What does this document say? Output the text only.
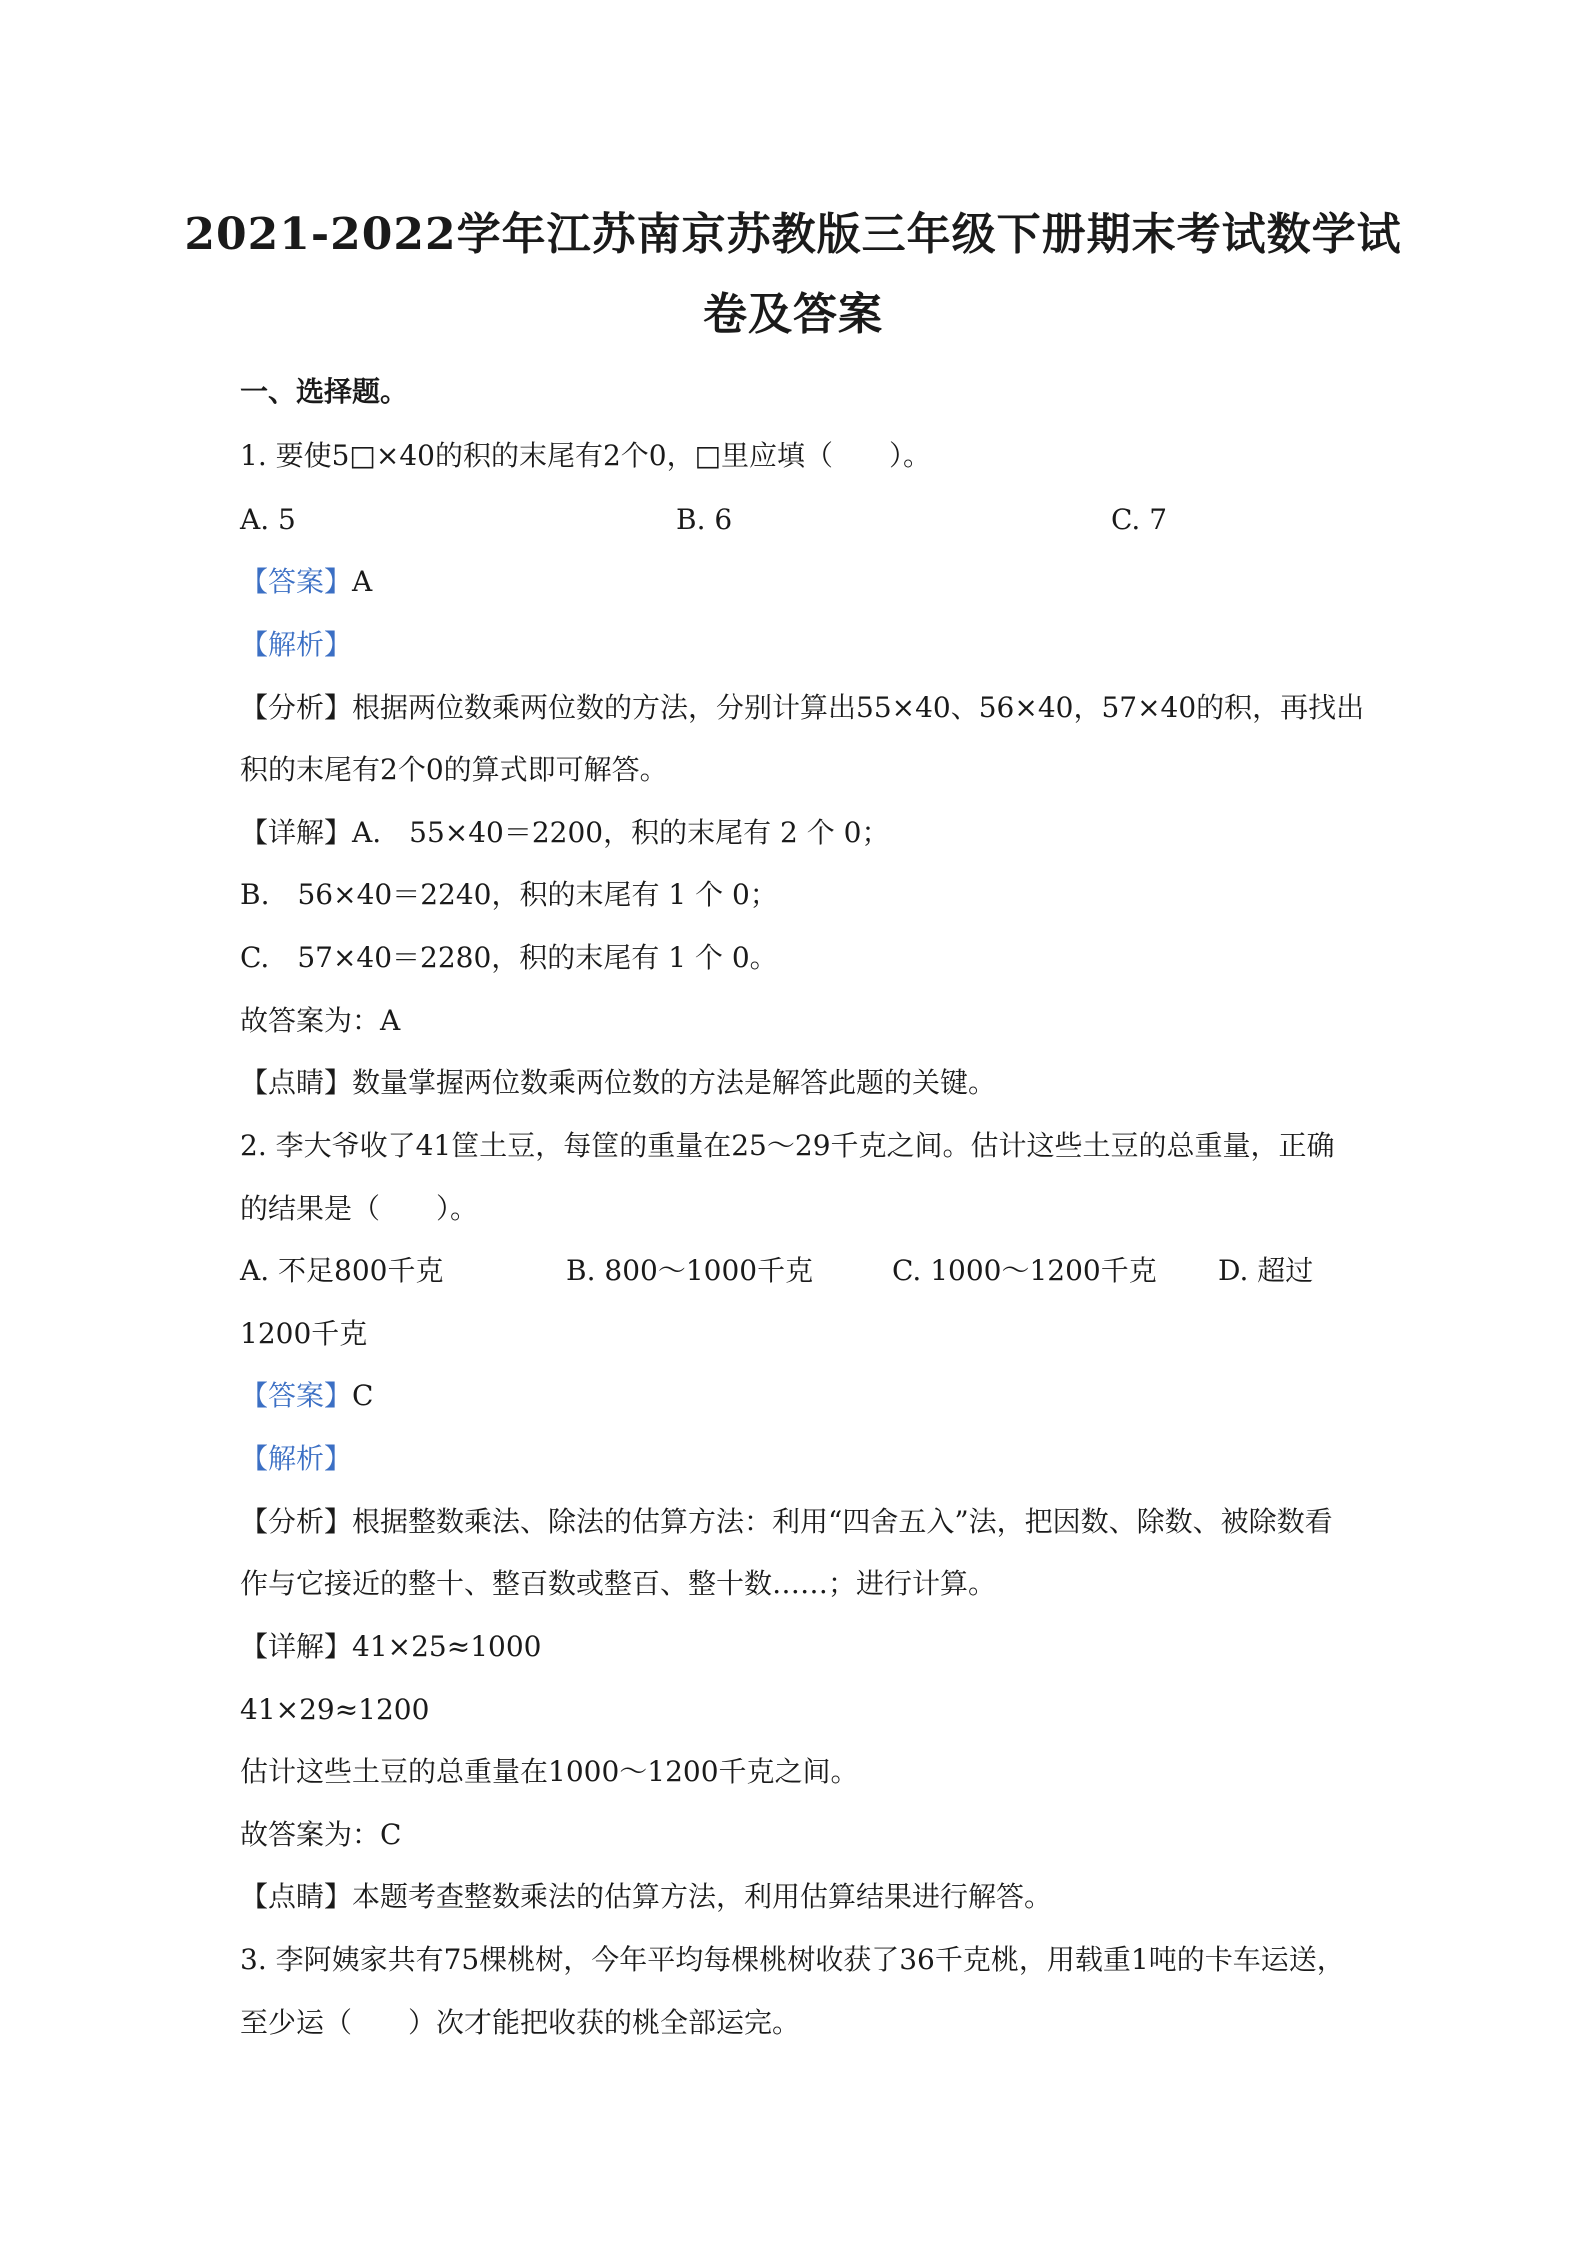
2021-2022学年江苏南京苏教版三年级下册期末考试数学试
卷及答案
一、选择题。
1. 要使5□×40的积的末尾有2个0，□里应填（　　）。
A. 5	B. 6	C. 7
【答案】A
【解析】
【分析】根据两位数乘两位数的方法，分别计算出55×40、56×40，57×40的积，再找出
积的末尾有2个0的算式即可解答。
【详解】A.　55×40＝2200，积的末尾有 2 个 0；
B.　56×40＝2240，积的末尾有 1 个 0；
C.　57×40＝2280，积的末尾有 1 个 0。
故答案为：A
【点睛】数量掌握两位数乘两位数的方法是解答此题的关键。
2. 李大爷收了41筐土豆，每筐的重量在25～29千克之间。估计这些土豆的总重量，正确
的结果是（　　）。
A. 不足800千克	B. 800～1000千克	C. 1000～1200千克 D. 超过
1200千克
【答案】C
【解析】
【分析】根据整数乘法、除法的估算方法：利用“四舍五入”法，把因数、除数、被除数看
作与它接近的整十、整百数或整百、整十数……；进行计算。
【详解】41×25≈1000
41×29≈1200
估计这些土豆的总重量在1000～1200千克之间。
故答案为：C
【点睛】本题考查整数乘法的估算方法，利用估算结果进行解答。
3. 李阿姨家共有75棵桃树，今年平均每棵桃树收获了36千克桃，用载重1吨的卡车运送，
至少运（　　）次才能把收获的桃全部运完。
